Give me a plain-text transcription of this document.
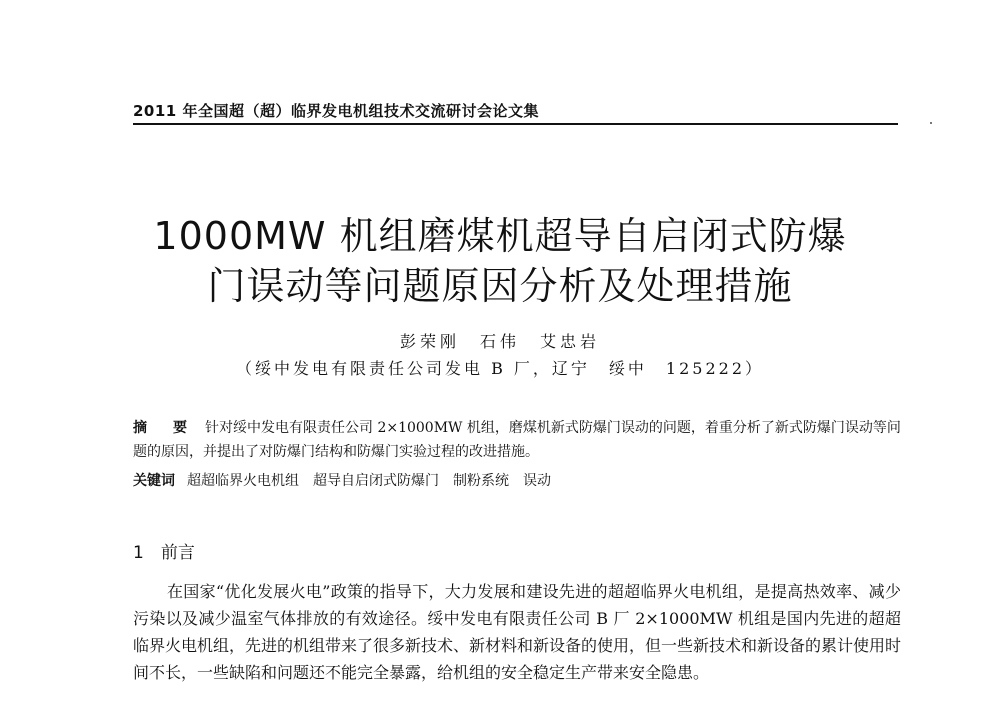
2011 年全国超（超）临界发电机组技术交流研讨会论文集
1000MW 机组磨煤机超导自启闭式防爆
门误动等问题原因分析及处理措施
彭荣刚　石伟　艾忠岩
（绥中发电有限责任公司发电 B 厂，辽宁　绥中　125222）
摘　要 针对绥中发电有限责任公司 2×1000MW 机组，磨煤机新式防爆门误动的问题，着重分析了新式防爆门误动等问题的原因，并提出了对防爆门结构和防爆门实验过程的改进措施。
关键词 超超临界火电机组　超导自启闭式防爆门　制粉系统　误动
1　前言
在国家“优化发展火电”政策的指导下，大力发展和建设先进的超超临界火电机组，是提高热效率、减少污染以及减少温室气体排放的有效途径。绥中发电有限责任公司 B 厂 2×1000MW 机组是国内先进的超超临界火电机组，先进的机组带来了很多新技术、新材料和新设备的使用，但一些新技术和新设备的累计使用时间不长，一些缺陷和问题还不能完全暴露，给机组的安全稳定生产带来安全隐患。
